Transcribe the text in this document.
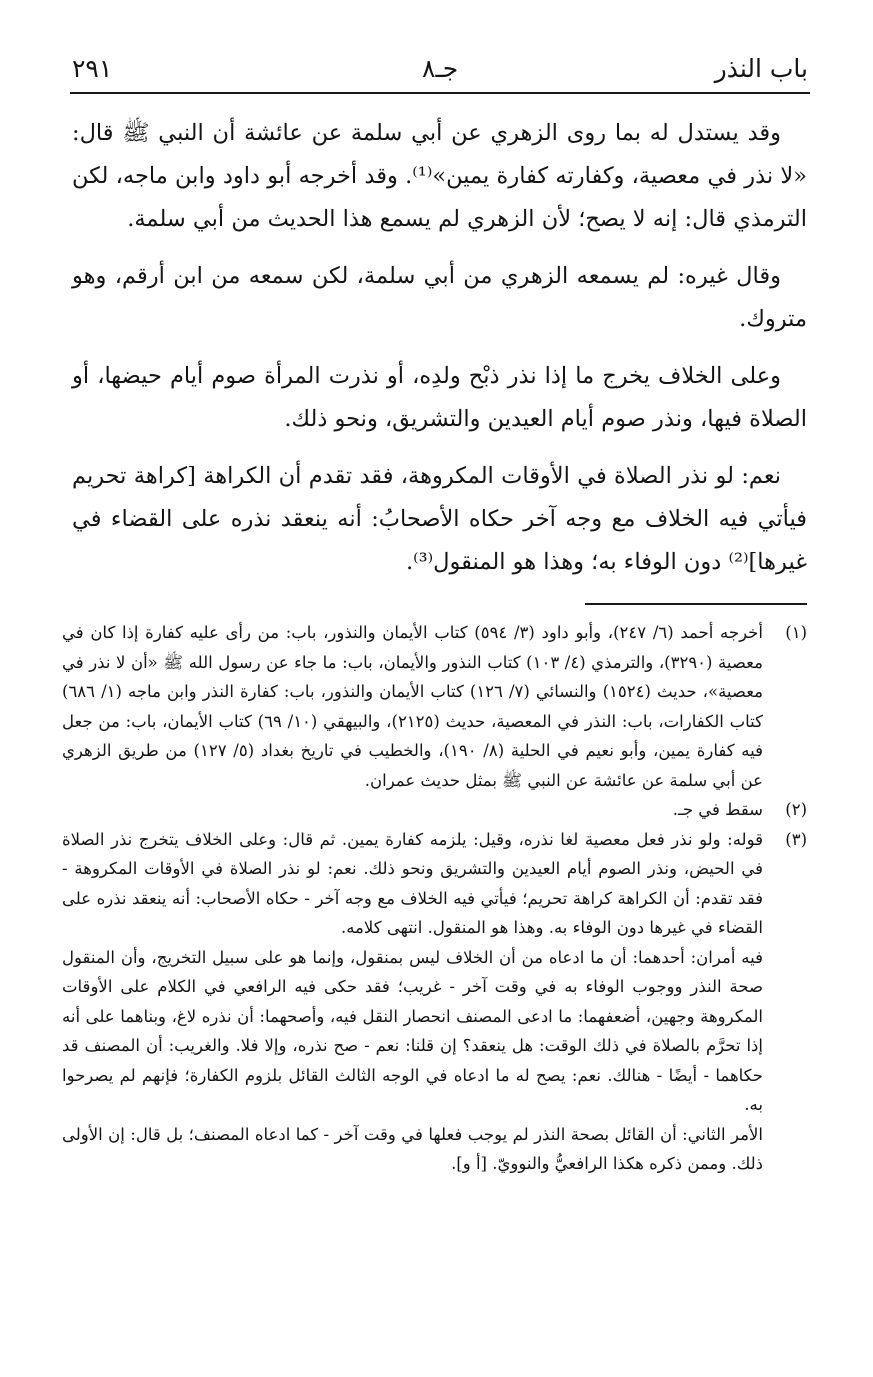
باب النذر
جـ٨
٢٩١

وقد يستدل له بما روى الزهري عن أبي سلمة عن عائشة أن النبي ﷺ قال: «لا نذر في معصية، وكفارته كفارة يمين»⁽¹⁾. وقد أخرجه أبو داود وابن ماجه، لكن الترمذي قال: إنه لا يصح؛ لأن الزهري لم يسمع هذا الحديث من أبي سلمة.

وقال غيره: لم يسمعه الزهري من أبي سلمة، لكن سمعه من ابن أرقم، وهو متروك.

وعلى الخلاف يخرج ما إذا نذر ذبْح ولدِه، أو نذرت المرأة صوم أيام حيضها، أو الصلاة فيها، ونذر صوم أيام العيدين والتشريق، ونحو ذلك.

نعم: لو نذر الصلاة في الأوقات المكروهة، فقد تقدم أن الكراهة [كراهة تحريم فيأتي فيه الخلاف مع وجه آخر حكاه الأصحابُ: أنه ينعقد نذره على القضاء في غيرها]⁽²⁾ دون الوفاء به؛ وهذا هو المنقول⁽³⁾.

(١)

أخرجه أحمد (٦/ ٢٤٧)، وأبو داود (٣/ ٥٩٤) كتاب الأيمان والنذور، باب: من رأى عليه كفارة إذا كان في معصية (٣٢٩٠)، والترمذي (٤/ ١٠٣) كتاب النذور والأيمان، باب: ما جاء عن رسول الله ﷺ «أن لا نذر في معصية»، حديث (١٥٢٤) والنسائي (٧/ ١٢٦) كتاب الأيمان والنذور، باب: كفارة النذر وابن ماجه (١/ ٦٨٦) كتاب الكفارات، باب: النذر في المعصية، حديث (٢١٢٥)، والبيهقي (١٠/ ٦٩) كتاب الأيمان، باب: من جعل فيه كفارة يمين، وأبو نعيم في الحلية (٨/ ١٩٠)، والخطيب في تاريخ بغداد (٥/ ١٢٧) من طريق الزهري عن أبي سلمة عن عائشة عن النبي ﷺ بمثل حديث عمران.

(٢)

سقط في جـ.

(٣)

قوله: ولو نذر فعل معصية لغا نذره، وقيل: يلزمه كفارة يمين. ثم قال: وعلى الخلاف يتخرج نذر الصلاة في الحيض، ونذر الصوم أيام العيدين والتشريق ونحو ذلك. نعم: لو نذر الصلاة في الأوقات المكروهة - فقد تقدم: أن الكراهة كراهة تحريم؛ فيأتي فيه الخلاف مع وجه آخر - حكاه الأصحاب: أنه ينعقد نذره على القضاء في غيرها دون الوفاء به. وهذا هو المنقول. انتهى كلامه.

فيه أمران: أحدهما: أن ما ادعاه من أن الخلاف ليس بمنقول، وإنما هو على سبيل التخريج، وأن المنقول صحة النذر ووجوب الوفاء به في وقت آخر - غريب؛ فقد حكى فيه الرافعي في الكلام على الأوقات المكروهة وجهين، أضعفهما: ما ادعى المصنف انحصار النقل فيه، وأصحهما: أن نذره لاغ، وبناهما على أنه إذا تحرَّم بالصلاة في ذلك الوقت: هل ينعقد؟ إن قلنا: نعم - صح نذره، وإلا فلا. والغريب: أن المصنف قد حكاهما - أيضًا - هنالك. نعم: يصح له ما ادعاه في الوجه الثالث القائل بلزوم الكفارة؛ فإنهم لم يصرحوا به.

الأمر الثاني: أن القائل بصحة النذر لم يوجب فعلها في وقت آخر - كما ادعاه المصنف؛ بل قال: إن الأولى ذلك. وممن ذكره هكذا الرافعيُّ والنوويّ. [أ و].
